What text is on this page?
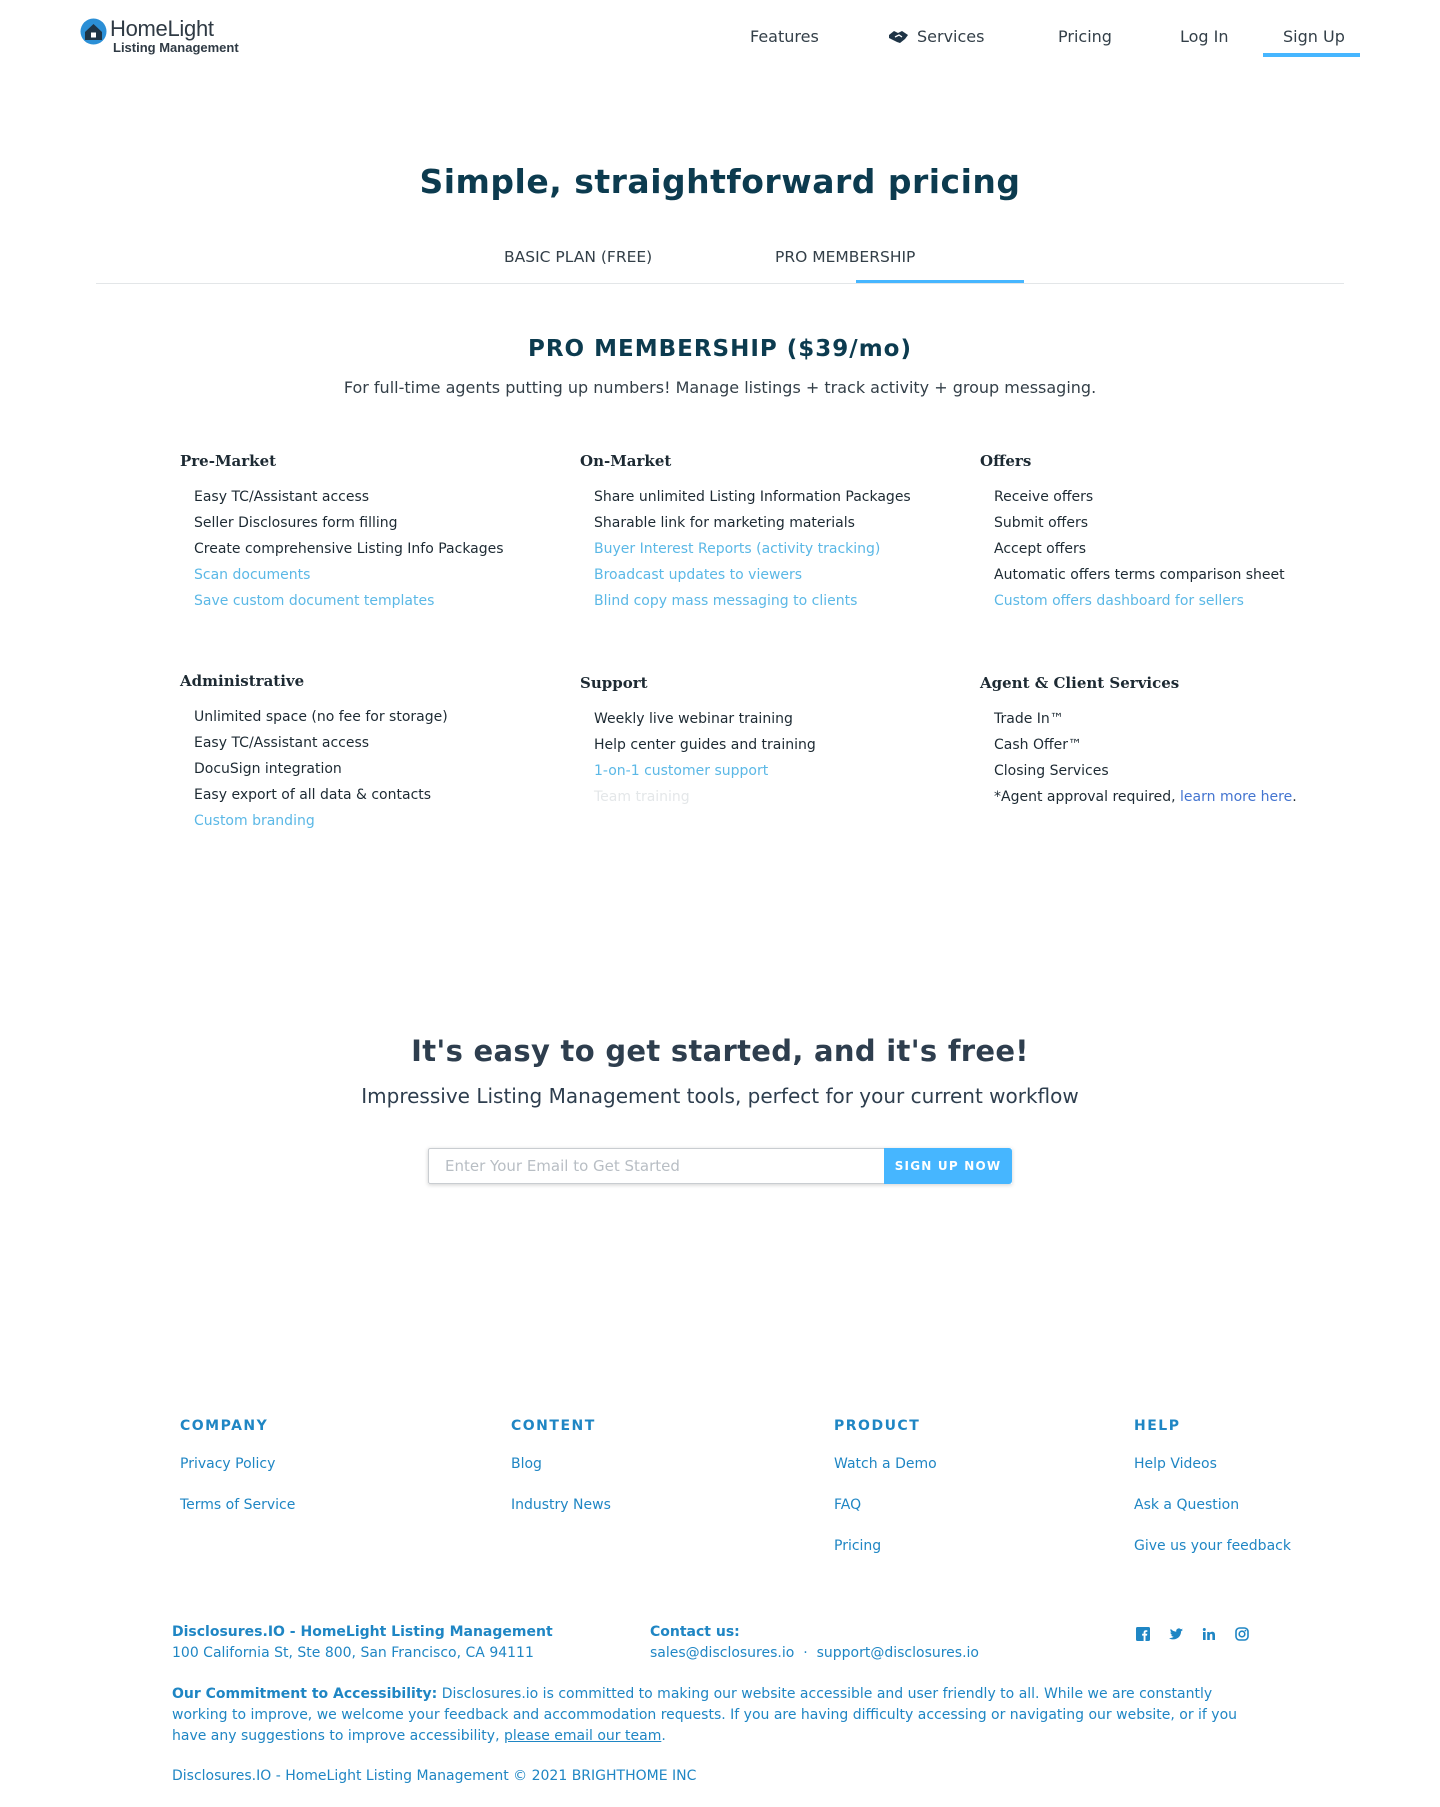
HomeLight
Listing Management
Features	Services	Pricing	Log In	Sign Up
Simple, straightforward pricing
BASIC PLAN (FREE)	PRO MEMBERSHIP
PRO MEMBERSHIP ($39/mo)

For full-time agents putting up numbers! Manage listings + track activity + group messaging.

Pre-Market
Easy TC/Assistant access
Seller Disclosures form filling
Create comprehensive Listing Info Packages
Scan documents
Save custom document templates
On-Market
Share unlimited Listing Information Packages
Sharable link for marketing materials
Buyer Interest Reports (activity tracking)
Broadcast updates to viewers
Blind copy mass messaging to clients
Offers
Receive offers
Submit offers
Accept offers
Automatic offers terms comparison sheet
Custom offers dashboard for sellers
Administrative
Unlimited space (no fee for storage)
Easy TC/Assistant access
DocuSign integration
Easy export of all data & contacts
Custom branding
Support
Weekly live webinar training
Help center guides and training
1-on-1 customer support
Team training
Agent & Client Services
Trade In™
Cash Offer™
Closing Services
*Agent approval required, learn more here.
It's easy to get started, and it's free!

Impressive Listing Management tools, perfect for your current workflow

Enter Your Email to Get Started
SIGN UP NOW
COMPANY
Privacy Policy
Terms of Service
CONTENT
Blog
Industry News
PRODUCT
Watch a Demo
FAQ
Pricing
HELP
Help Videos
Ask a Question
Give us your feedback
Disclosures.IO - HomeLight Listing Management
100 California St, Ste 800, San Francisco, CA 94111
Contact us:
sales@disclosures.io · support@disclosures.io

Our Commitment to Accessibility: Disclosures.io is committed to making our website accessible and user friendly to all. While we are constantly working to improve, we welcome your feedback and accommodation requests. If you are having difficulty accessing or navigating our website, or if you have any suggestions to improve accessibility, please email our team.

Disclosures.IO - HomeLight Listing Management © 2021 BRIGHTHOME INC
